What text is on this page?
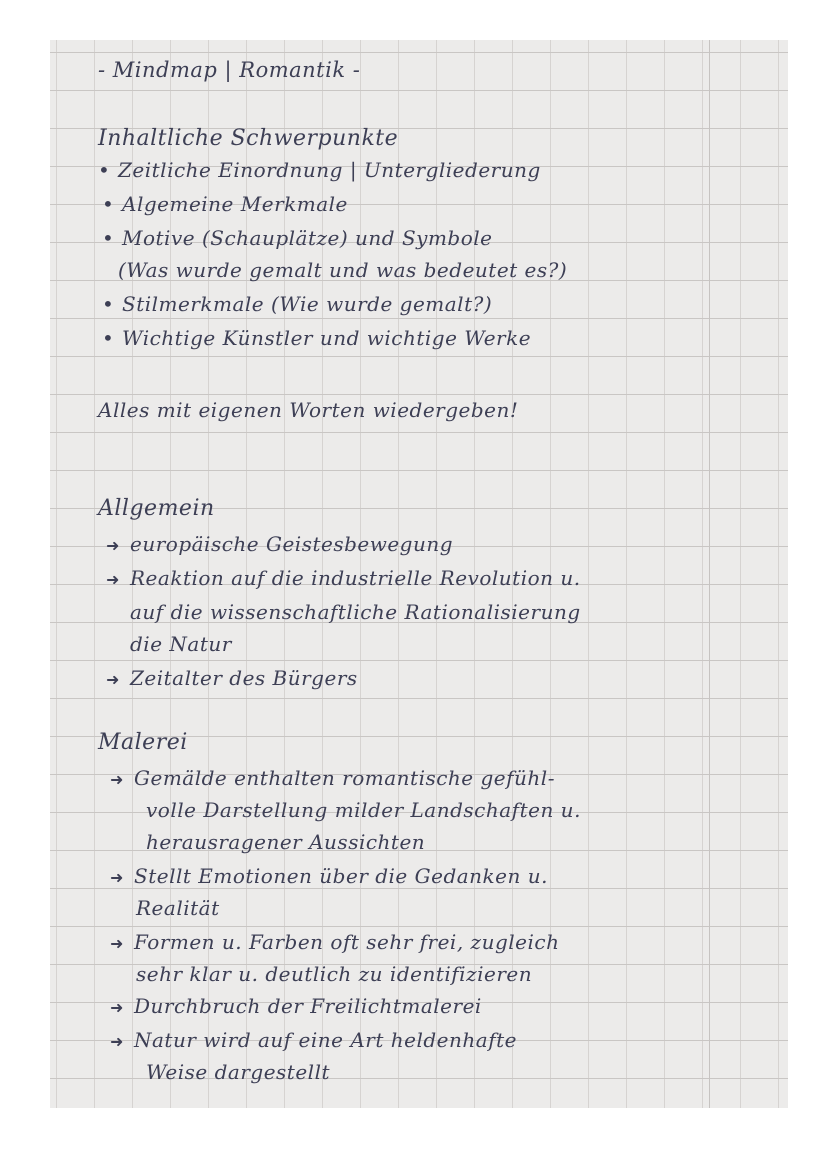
- Mindmap | Romantik -
Inhaltliche Schwerpunkte
• Zeitliche Einordnung | Untergliederung
• Algemeine Merkmale
• Motive (Schauplätze) und Symbole
(Was wurde gemalt und was bedeutet es?)
• Stilmerkmale (Wie wurde gemalt?)
• Wichtige Künstler und wichtige Werke
Alles mit eigenen Worten wiedergeben!
Allgemein
➜ europäische Geistesbewegung
➜ Reaktion auf die industrielle Revolution u.
auf die wissenschaftliche Rationalisierung
die Natur
➜ Zeitalter des Bürgers
Malerei
➜ Gemälde enthalten romantische gefühl-
volle Darstellung milder Landschaften u.
herausragener Aussichten
➜ Stellt Emotionen über die Gedanken u.
Realität
➜ Formen u. Farben oft sehr frei, zugleich
sehr klar u. deutlich zu identifizieren
➜ Durchbruch der Freilichtmalerei
➜ Natur wird auf eine Art heldenhafte
Weise dargestellt
